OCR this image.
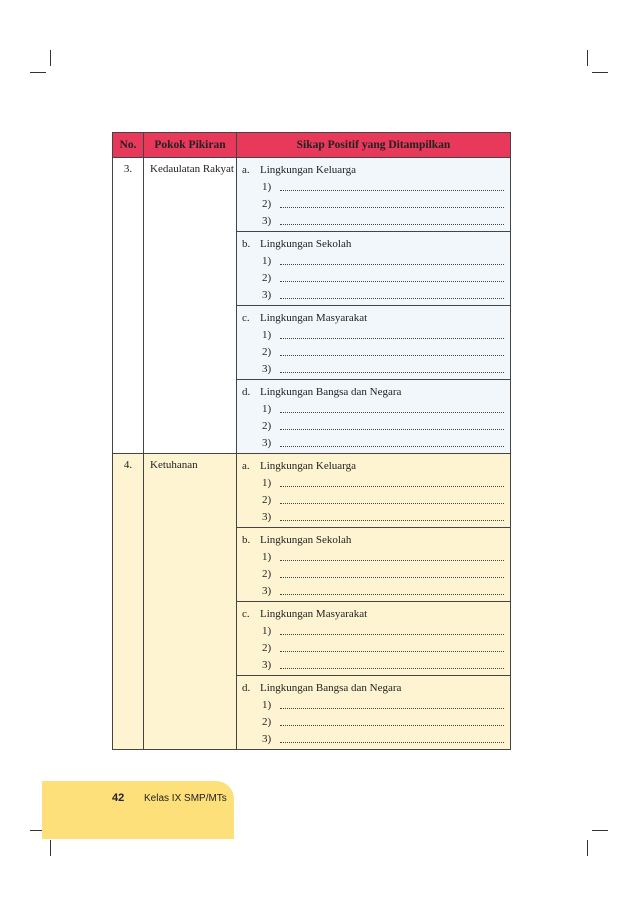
No.	Pokok Pikiran	Sikap Positif yang Ditampilkan
3.	Kedaulatan Rakyat	a. Lingkungan Keluarga
1)
2)
3)

		b. Lingkungan Sekolah
1)
2)
3)

		c. Lingkungan Masyarakat
1)
2)
3)

		d. Lingkungan Bangsa dan Negara
1)
2)
3)

4.	Ketuhanan	a. Lingkungan Keluarga
1)
2)
3)

		b. Lingkungan Sekolah
1)
2)
3)

		c. Lingkungan Masyarakat
1)
2)
3)

		d. Lingkungan Bangsa dan Negara
1)
2)
3)
42 Kelas IX SMP/MTs
